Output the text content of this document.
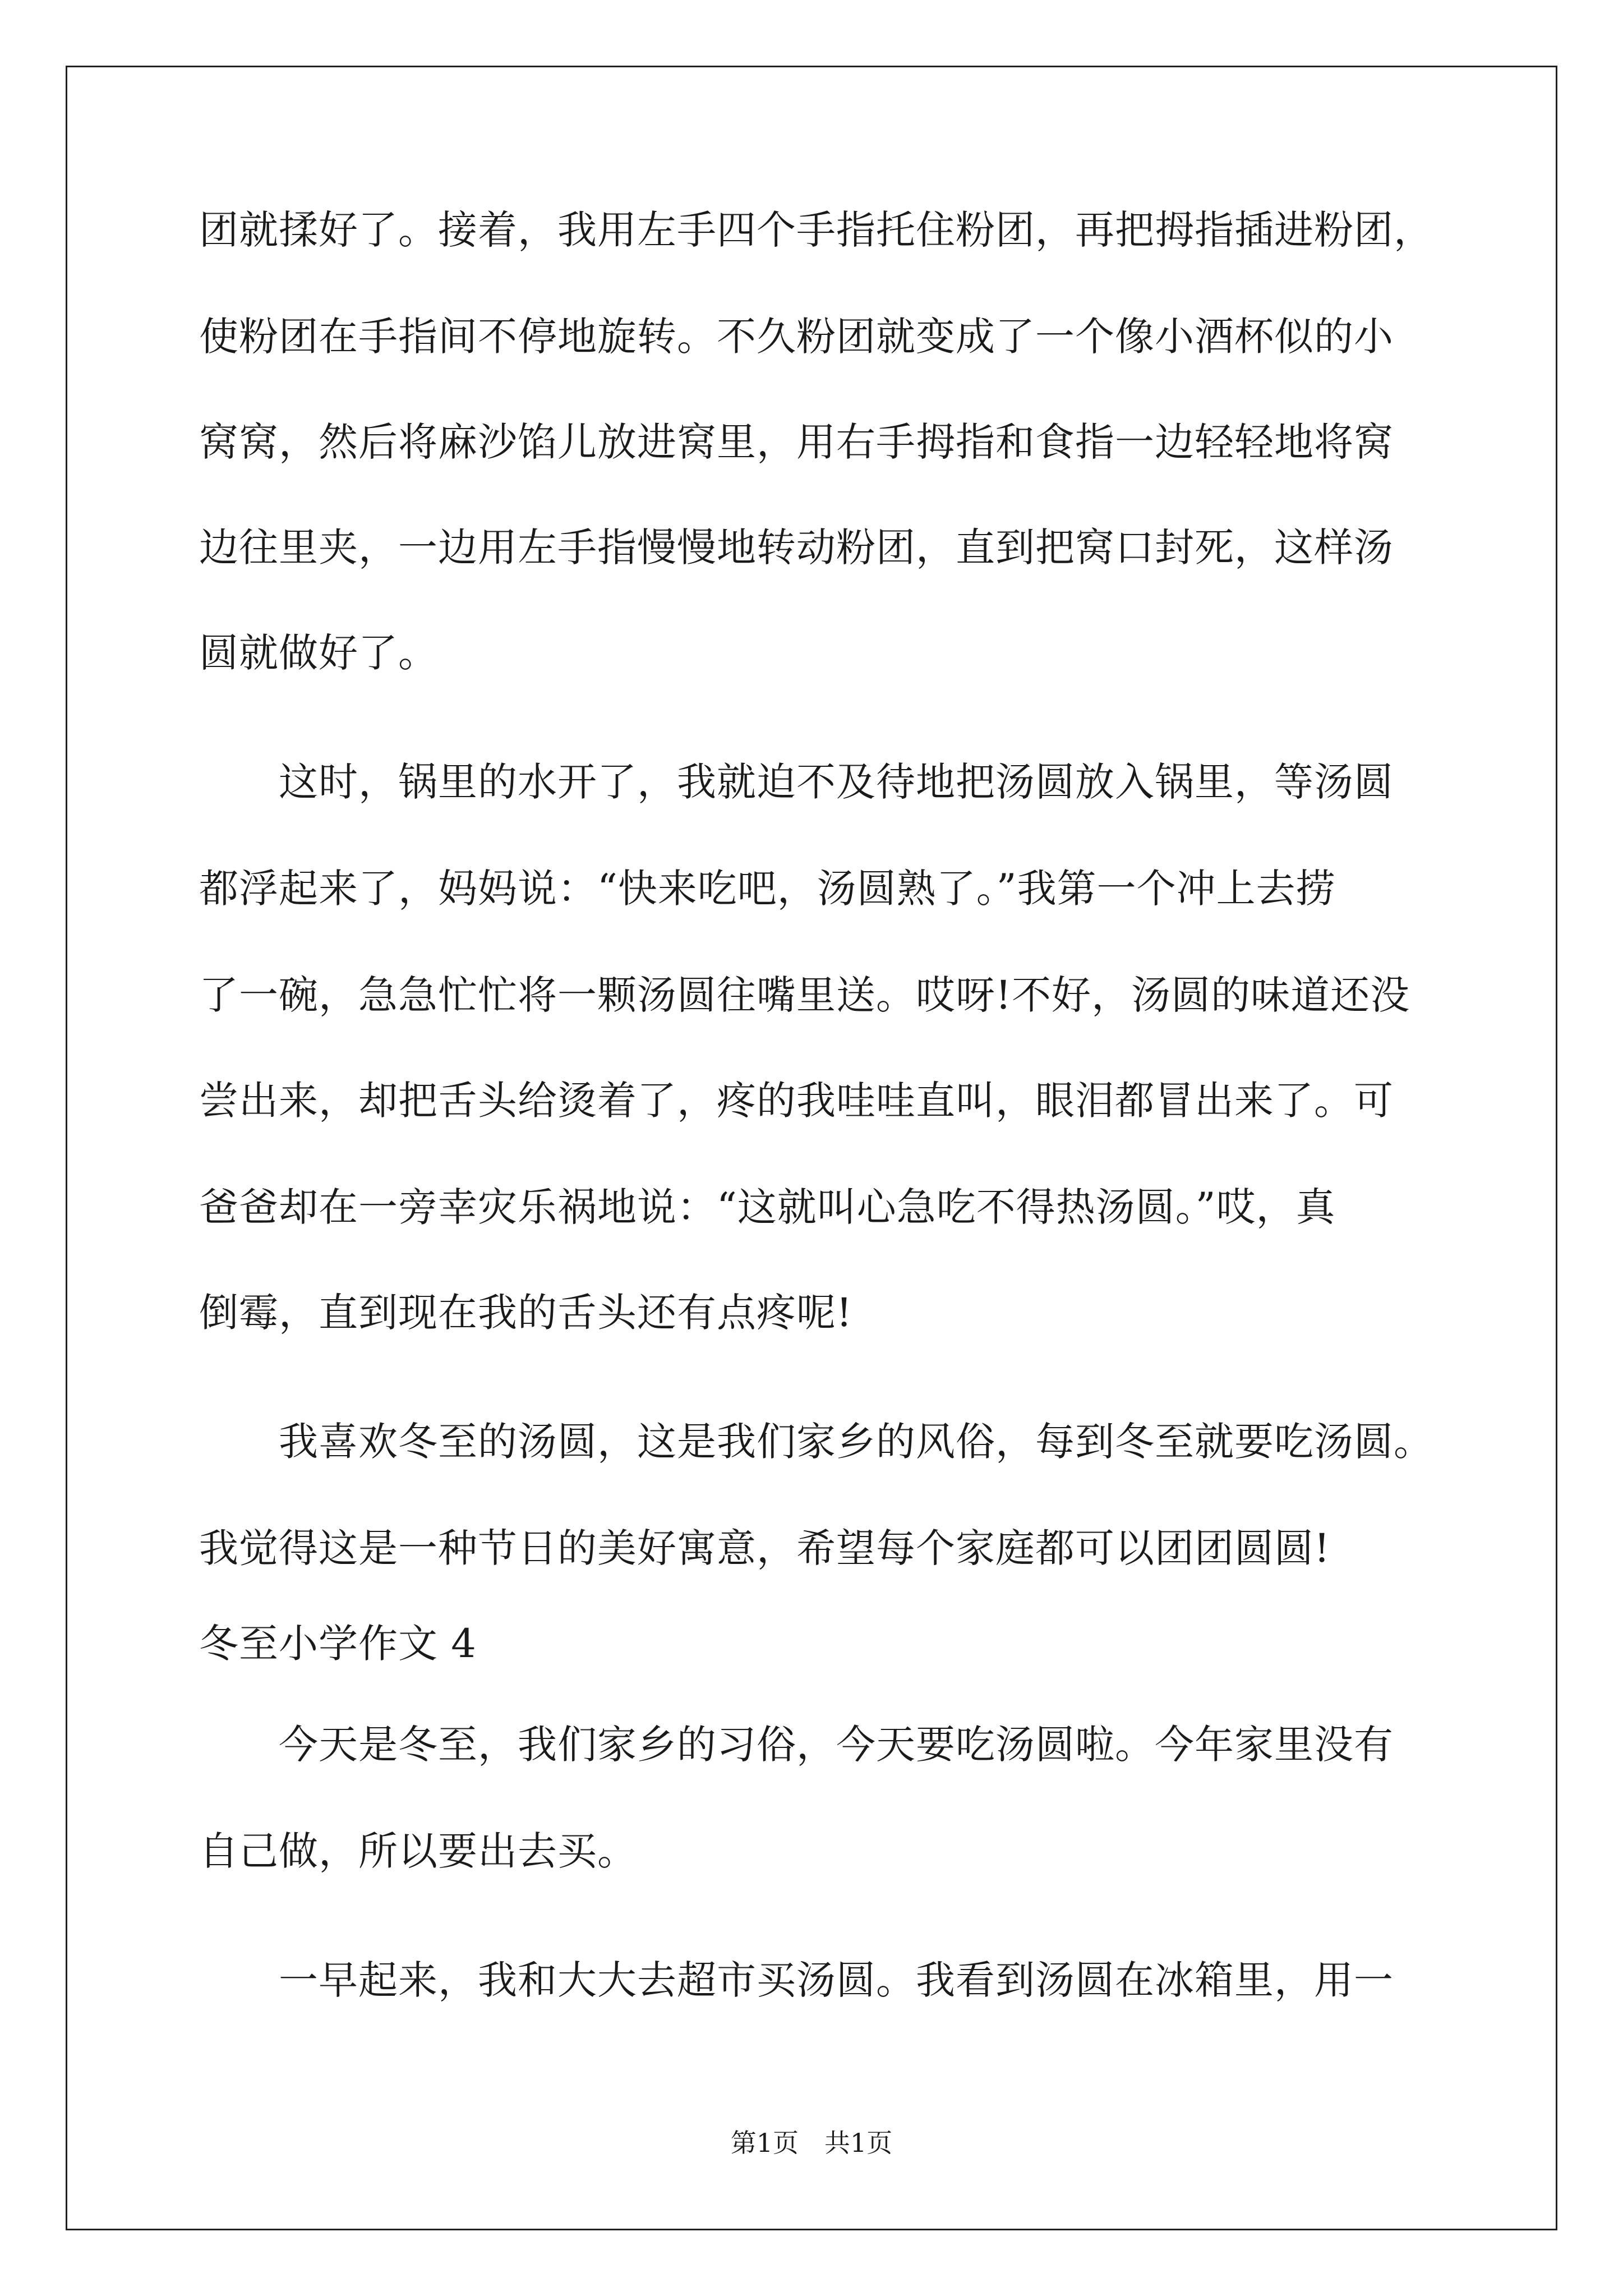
团就揉好了。接着，我用左手四个手指托住粉团，再把拇指插进粉团，
使粉团在手指间不停地旋转。不久粉团就变成了一个像小酒杯似的小
窝窝，然后将麻沙馅儿放进窝里，用右手拇指和食指一边轻轻地将窝
边往里夹，一边用左手指慢慢地转动粉团，直到把窝口封死，这样汤
圆就做好了。
　　这时，锅里的水开了，我就迫不及待地把汤圆放入锅里，等汤圆
都浮起来了，妈妈说：“快来吃吧，汤圆熟了。”我第一个冲上去捞
了一碗，急急忙忙将一颗汤圆往嘴里送。哎呀!不好，汤圆的味道还没
尝出来，却把舌头给烫着了，疼的我哇哇直叫，眼泪都冒出来了。可
爸爸却在一旁幸灾乐祸地说：“这就叫心急吃不得热汤圆。”哎，真
倒霉，直到现在我的舌头还有点疼呢!
　　我喜欢冬至的汤圆，这是我们家乡的风俗，每到冬至就要吃汤圆。
我觉得这是一种节日的美好寓意，希望每个家庭都可以团团圆圆!
冬至小学作文 4
　　今天是冬至，我们家乡的习俗，今天要吃汤圆啦。今年家里没有
自己做，所以要出去买。
　　一早起来，我和大大去超市买汤圆。我看到汤圆在冰箱里，用一
第1页　共1页
